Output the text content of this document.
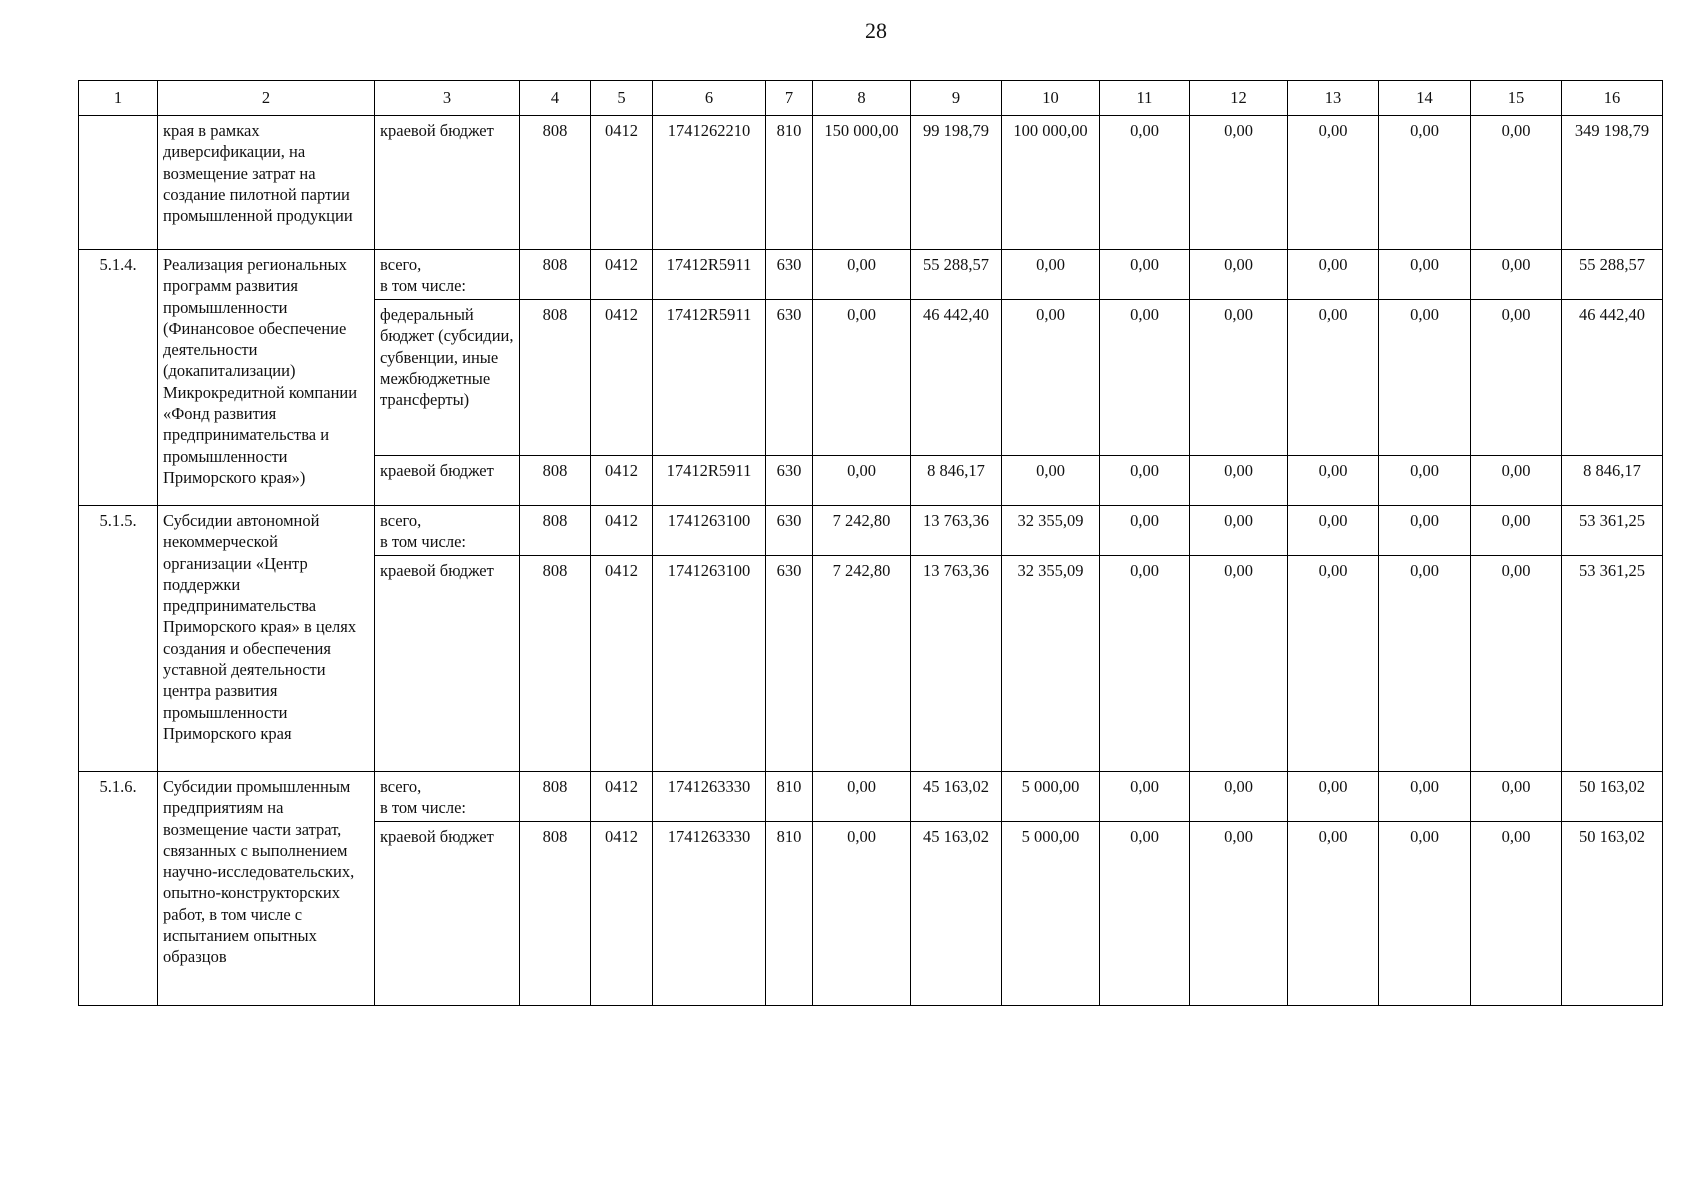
28
1	2	3	4	5	6	7	8	9	10	11	12	13	14	15	16
	края в рамках диверсификации, на возмещение затрат на создание пилотной партии промышленной продукции	краевой бюджет	808	0412	1741262210	810	150 000,00	99 198,79	100 000,00	0,00	0,00	0,00	0,00	0,00	349 198,79
5.1.4.	Реализация региональных программ развития промышленности (Финансовое обеспечение деятельности (докапитализации) Микрокредитной компании «Фонд развития предпринимательства и промышленности Приморского края»)	всего,
в том числе:	808	0412	17412R5911	630	0,00	55 288,57	0,00	0,00	0,00	0,00	0,00	0,00	55 288,57
		федеральный бюджет (субсидии, субвенции, иные межбюджетные трансферты)	808	0412	17412R5911	630	0,00	46 442,40	0,00	0,00	0,00	0,00	0,00	0,00	46 442,40
		краевой бюджет	808	0412	17412R5911	630	0,00	8 846,17	0,00	0,00	0,00	0,00	0,00	0,00	8 846,17
5.1.5.	Субсидии автономной некоммерческой организации «Центр поддержки предпринимательства Приморского края» в целях создания и обеспечения уставной деятельности центра развития промышленности Приморского края	всего,
в том числе:	808	0412	1741263100	630	7 242,80	13 763,36	32 355,09	0,00	0,00	0,00	0,00	0,00	53 361,25
		краевой бюджет	808	0412	1741263100	630	7 242,80	13 763,36	32 355,09	0,00	0,00	0,00	0,00	0,00	53 361,25
5.1.6.	Субсидии промышленным предприятиям на возмещение части затрат, связанных с выполнением научно-исследовательских, опытно-конструкторских работ, в том числе с испытанием опытных образцов	всего,
в том числе:	808	0412	1741263330	810	0,00	45 163,02	5 000,00	0,00	0,00	0,00	0,00	0,00	50 163,02
		краевой бюджет	808	0412	1741263330	810	0,00	45 163,02	5 000,00	0,00	0,00	0,00	0,00	0,00	50 163,02
